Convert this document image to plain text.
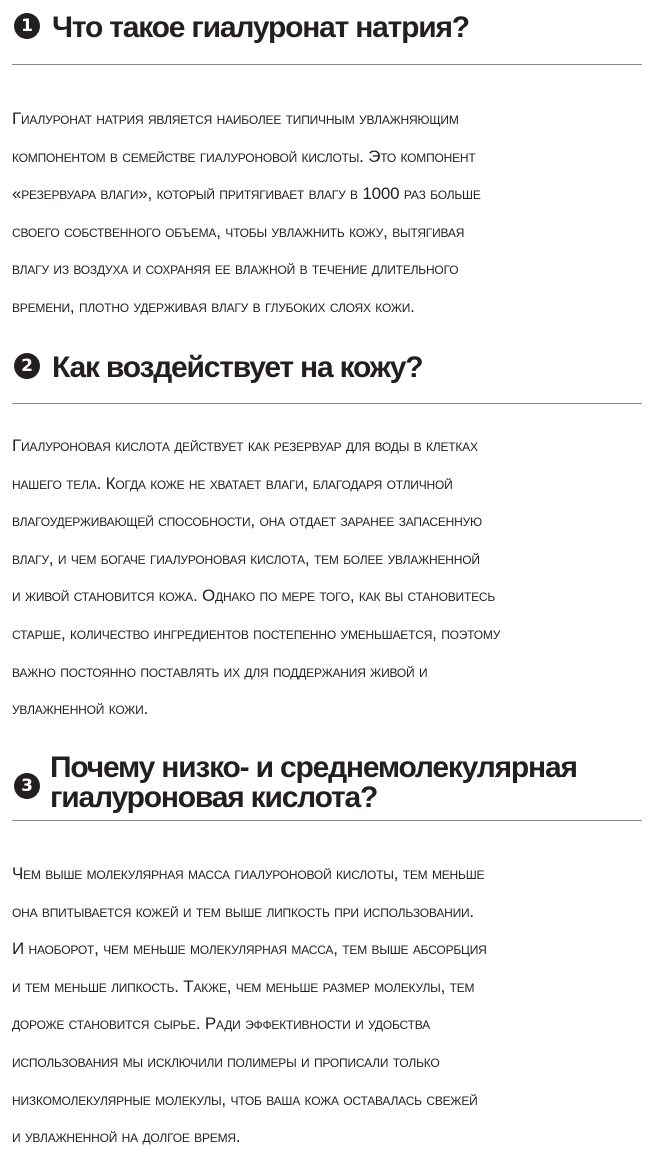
1 Что такое гиалуронат натрия?
Гиалуронат натрия является наиболее типичным увлажняющим
компонентом в семействе гиалуроновой кислоты. Это компонент
«резервуара влаги», который притягивает влагу в 1000 раз больше
своего собственного объема, чтобы увлажнить кожу, вытягивая
влагу из воздуха и сохраняя ее влажной в течение длительного
времени, плотно удерживая влагу в глубоких слоях кожи.
2 Как воздействует на кожу?
Гиалуроновая кислота действует как резервуар для воды в клетках
нашего тела. Когда коже не хватает влаги, благодаря отличной
влагоудерживающей способности, она отдает заранее запасенную
влагу, и чем богаче гиалуроновая кислота, тем более увлажненной
и живой становится кожа. Однако по мере того, как вы становитесь
старше, количество ингредиентов постепенно уменьшается, поэтому
важно постоянно поставлять их для поддержания живой и
увлажненной кожи.
3
Почему низко- и среднемолекулярная
гиалуроновая кислота?
Чем выше молекулярная масса гиалуроновой кислоты, тем меньше
она впитывается кожей и тем выше липкость при использовании.
И наоборот, чем меньше молекулярная масса, тем выше абсорбция
и тем меньше липкость. Также, чем меньше размер молекулы, тем
дороже становится сырье. Ради эффективности и удобства
использования мы исключили полимеры и прописали только
низкомолекулярные молекулы, чтоб ваша кожа оставалась свежей
и увлажненной на долгое время.
